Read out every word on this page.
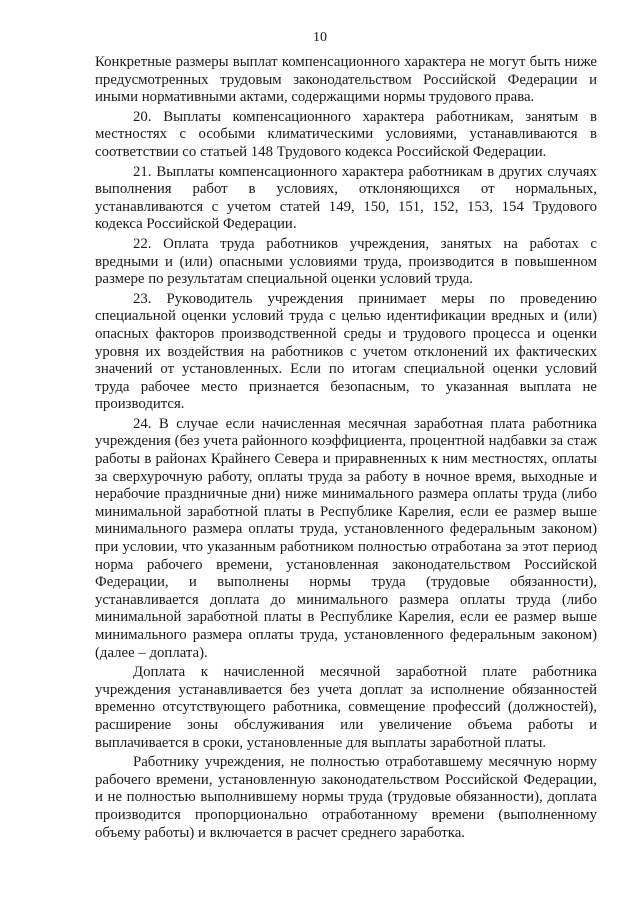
10

Конкретные размеры выплат компенсационного характера не могут быть ниже предусмотренных трудовым законодательством Российской Федерации и иными нормативными актами, содержащими нормы трудового права.

20. Выплаты компенсационного характера работникам, занятым в местностях с особыми климатическими условиями, устанавливаются в соответствии со статьей 148 Трудового кодекса Российской Федерации.

21. Выплаты компенсационного характера работникам в других случаях выполнения работ в условиях, отклоняющихся от нормальных, устанавливаются с учетом статей 149, 150, 151, 152, 153, 154 Трудового кодекса Российской Федерации.

22. Оплата труда работников учреждения, занятых на работах с вредными и (или) опасными условиями труда, производится в повышенном размере по результатам специальной оценки условий труда.

23. Руководитель учреждения принимает меры по проведению специальной оценки условий труда с целью идентификации вредных и (или) опасных факторов производственной среды и трудового процесса и оценки уровня их воздействия на работников с учетом отклонений их фактических значений от установленных. Если по итогам специальной оценки условий труда рабочее место признается безопасным, то указанная выплата не производится.

24. В случае если начисленная месячная заработная плата работника учреждения (без учета районного коэффициента, процентной надбавки за стаж работы в районах Крайнего Севера и приравненных к ним местностях, оплаты за сверхурочную работу, оплаты труда за работу в ночное время, выходные и нерабочие праздничные дни) ниже минимального размера оплаты труда (либо минимальной заработной платы в Республике Карелия, если ее размер выше минимального размера оплаты труда, установленного федеральным законом) при условии, что указанным работником полностью отработана за этот период норма рабочего времени, установленная законодательством Российской Федерации, и выполнены нормы труда (трудовые обязанности), устанавливается доплата до минимального размера оплаты труда (либо минимальной заработной платы в Республике Карелия, если ее размер выше минимального размера оплаты труда, установленного федеральным законом) (далее – доплата).

Доплата к начисленной месячной заработной плате работника учреждения устанавливается без учета доплат за исполнение обязанностей временно отсутствующего работника, совмещение профессий (должностей), расширение зоны обслуживания или увеличение объема работы и выплачивается в сроки, установленные для выплаты заработной платы.

Работнику учреждения, не полностью отработавшему месячную норму рабочего времени, установленную законодательством Российской Федерации, и не полностью выполнившему нормы труда (трудовые обязанности), доплата производится пропорционально отработанному времени (выполненному объему работы) и включается в расчет среднего заработка.
